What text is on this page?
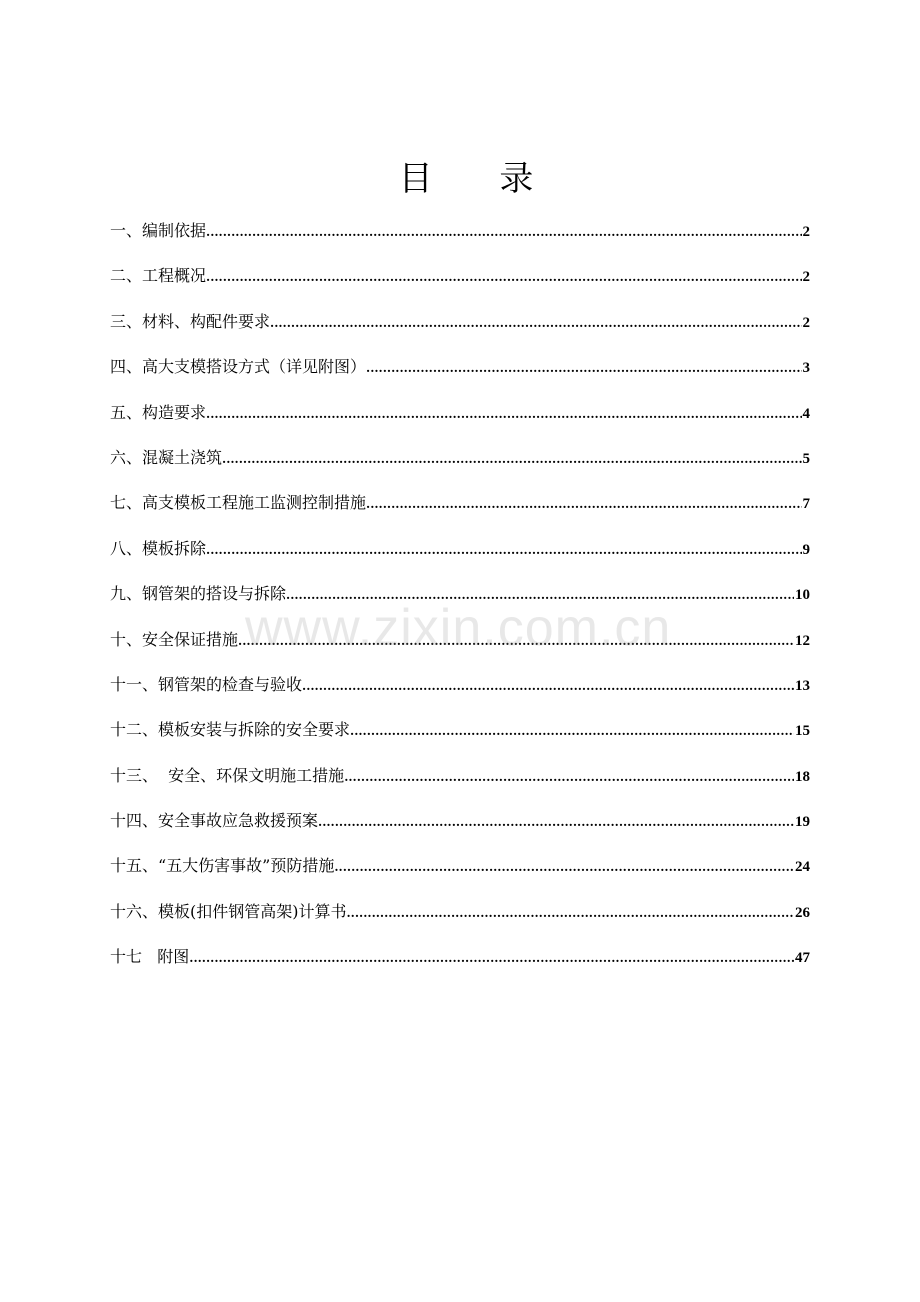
目 录
一、编制依据 .....	2
二、工程概况 .....	2
三、材料、构配件要求 .....	2
四、高大支模搭设方式（详见附图） .....	3
五、构造要求 .....	4
六、混凝土浇筑 .....	5
七、高支模板工程施工监测控制措施 .....	7
八、模板拆除 .....	9
九、钢管架的搭设与拆除 .....	10
十、安全保证措施 .....	12
十一、钢管架的检查与验收 .....	13
十二、模板安装与拆除的安全要求 .....	15
十三、  安全、环保文明施工措施 .....	18
十四、安全事故应急救援预案 .....	19
十五、“五大伤害事故”预防措施 .....	24
十六、模板(扣件钢管高架)计算书 .....	26
十七   附图 .....	47
www.zixin.com.cn
